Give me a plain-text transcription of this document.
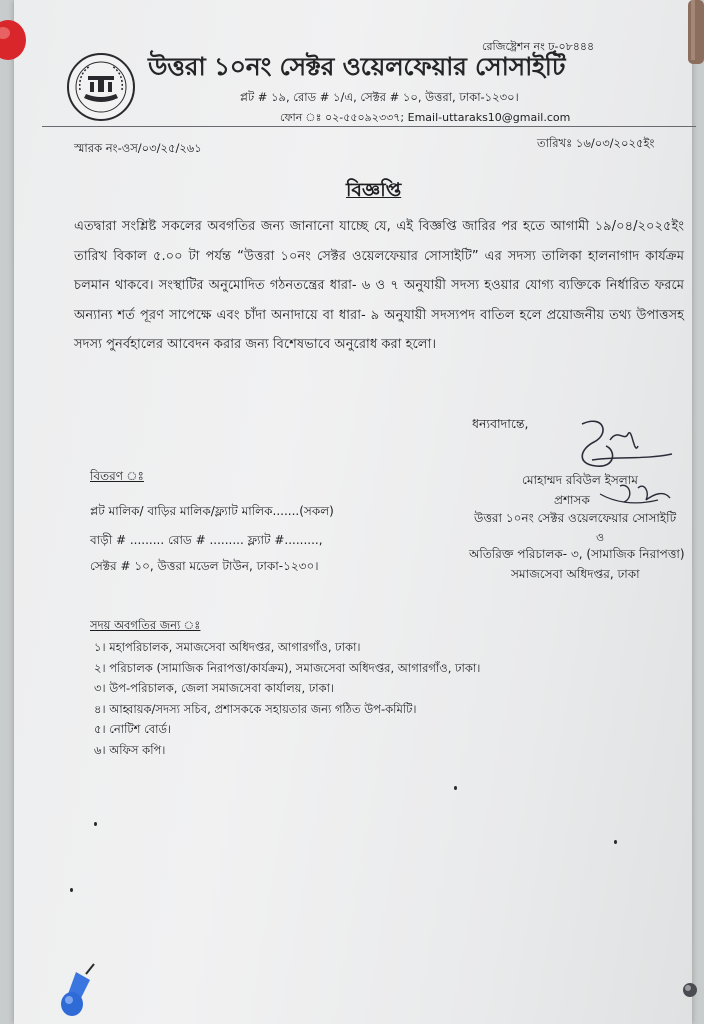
রেজিষ্ট্রেশন নং ঢ-০৮৪৪৪
উত্তরা ১০নং সেক্টর ওয়েলফেয়ার সোসাইটি
প্লট # ১৯, রোড # ১/এ, সেক্টর # ১০, উত্তরা, ঢাকা-১২৩০।
ফোন ঃ ০২-৫৫০৯২৩৩৭; Email-uttaraks10@gmail.com
স্মারক নং-ওস/০৩/২৫/২৬১	তারিখঃ ১৬/০৩/২০২৫ইং
বিজ্ঞপ্তি
এতদ্বারা সংশ্লিষ্ট সকলের অবগতির জন্য জানানো যাচ্ছে যে, এই বিজ্ঞপ্তি জারির পর হতে আগামী ১৯/০৪/২০২৫ইং তারিখ বিকাল ৫.০০ টা পর্যন্ত “উত্তরা ১০নং সেক্টর ওয়েলফেয়ার সোসাইটি” এর সদস্য তালিকা হালনাগাদ কার্যক্রম চলমান থাকবে। সংস্থাটির অনুমোদিত গঠনতন্ত্রের ধারা- ৬ ও ৭ অনুযায়ী সদস্য হওয়ার যোগ্য ব্যক্তিকে নির্ধারিত ফরমে অন্যান্য শর্ত পূরণ সাপেক্ষে এবং চাঁদা অনাদায়ে বা ধারা- ৯ অনুযায়ী সদস্যপদ বাতিল হলে প্রয়োজনীয় তথ্য উপাত্তসহ সদস্য পুনর্বহালের আবেদন করার জন্য বিশেষভাবে অনুরোধ করা হলো।
ধন্যবাদান্তে,
মোহাম্মদ রবিউল ইসলাম
প্রশাসক
উত্তরা ১০নং সেক্টর ওয়েলফেয়ার সোসাইটি
ও
অতিরিক্ত পরিচালক- ৩, (সামাজিক নিরাপত্তা)
সমাজসেবা অধিদপ্তর, ঢাকা
বিতরণ ঃ
প্লট মালিক/ বাড়ির মালিক/ফ্ল্যাট মালিক.......(সকল)
বাড়ী # ......... রোড # ......... ফ্ল্যাট #.........,
সেক্টর # ১০, উত্তরা মডেল টাউন, ঢাকা-১২৩০।
সদয় অবগতির জন্য ঃ
১। মহাপরিচালক, সমাজসেবা অধিদপ্তর, আগারগাঁও, ঢাকা।
২। পরিচালক (সামাজিক নিরাপত্তা/কার্যক্রম), সমাজসেবা অধিদপ্তর, আগারগাঁও, ঢাকা।
৩। উপ-পরিচালক, জেলা সমাজসেবা কার্যালয়, ঢাকা।
৪। আহ্বায়ক/সদস্য সচিব, প্রশাসককে সহায়তার জন্য গঠিত উপ-কমিটি।
৫। নোটিশ বোর্ড।
৬। অফিস কপি।
